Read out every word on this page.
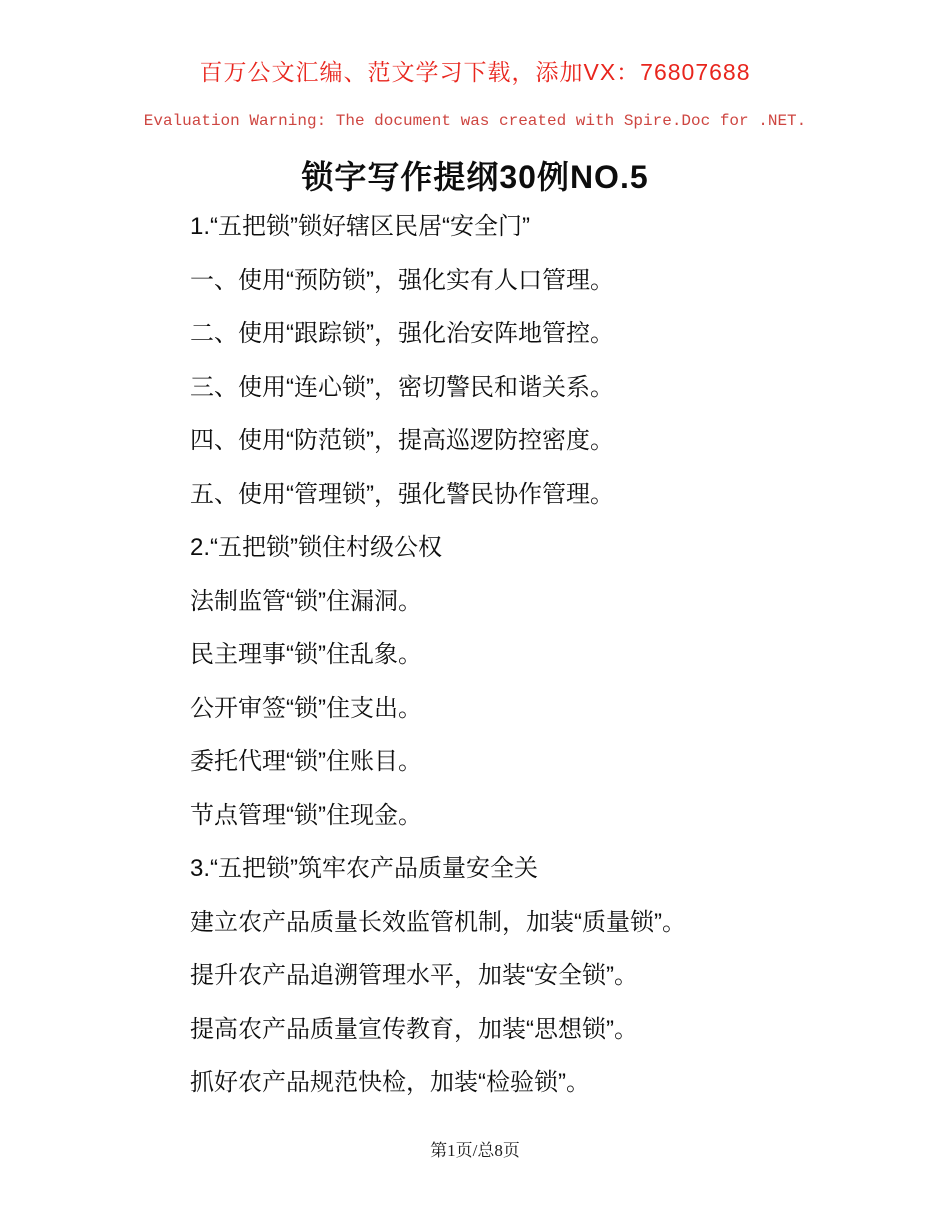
百万公文汇编、范文学习下载，添加VX：76807688
Evaluation Warning: The document was created with Spire.Doc for .NET.
锁字写作提纲30例NO.5

1.“五把锁”锁好辖区民居“安全门”

一、使用“预防锁”，强化实有人口管理。

二、使用“跟踪锁”，强化治安阵地管控。

三、使用“连心锁”，密切警民和谐关系。

四、使用“防范锁”，提高巡逻防控密度。

五、使用“管理锁”，强化警民协作管理。

2.“五把锁”锁住村级公权

法制监管“锁”住漏洞。

民主理事“锁”住乱象。

公开审签“锁”住支出。

委托代理“锁”住账目。

节点管理“锁”住现金。

3.“五把锁”筑牢农产品质量安全关

建立农产品质量长效监管机制，加装“质量锁”。

提升农产品追溯管理水平，加装“安全锁”。

提高农产品质量宣传教育，加装“思想锁”。

抓好农产品规范快检，加装“检验锁”。

第1页/总8页
